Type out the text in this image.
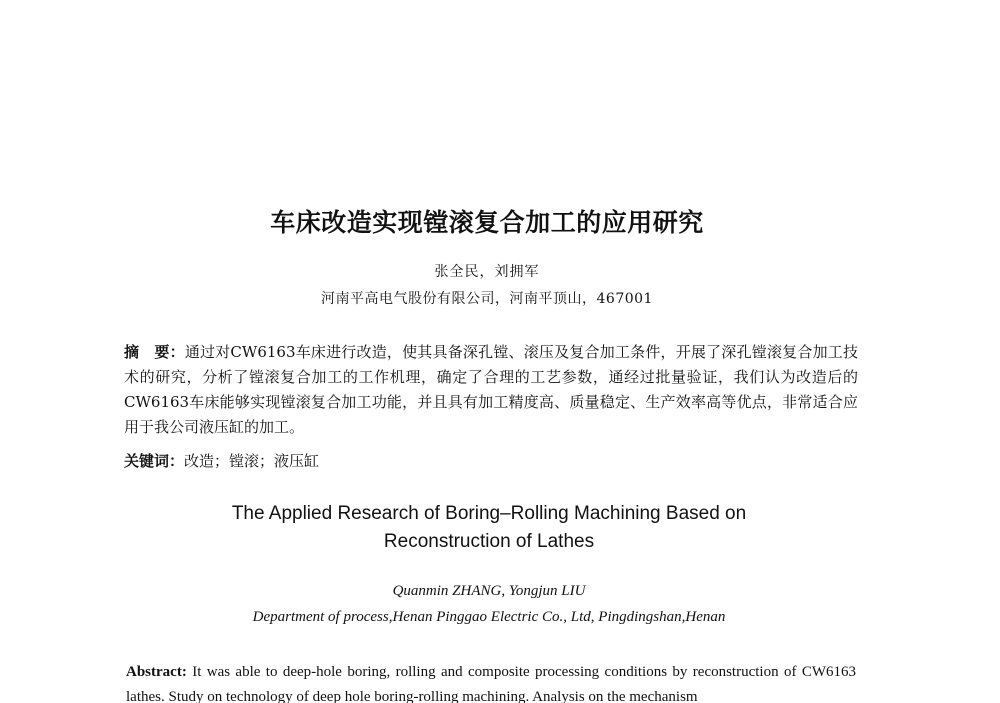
车床改造实现镗滚复合加工的应用研究
张全民，刘拥军
河南平高电气股份有限公司，河南平顶山，467001

摘　要：通过对CW6163车床进行改造，使其具备深孔镗、滚压及复合加工条件，开展了深孔镗滚复合加工技术的研究，分析了镗滚复合加工的工作机理，确定了合理的工艺参数，通经过批量验证，我们认为改造后的CW6163车床能够实现镗滚复合加工功能，并且具有加工精度高、质量稳定、生产效率高等优点，非常适合应用于我公司液压缸的加工。

关键词：改造；镗滚；液压缸

The Applied Research of Boring–Rolling Machining Based on
Reconstruction of Lathes
Quanmin ZHANG, Yongjun LIU
Department of process,Henan Pinggao Electric Co., Ltd, Pingdingshan,Henan

Abstract: It was able to deep-hole boring, rolling and composite processing conditions by reconstruction of CW6163 lathes. Study on technology of deep hole boring-rolling machining. Analysis on the mechanism
